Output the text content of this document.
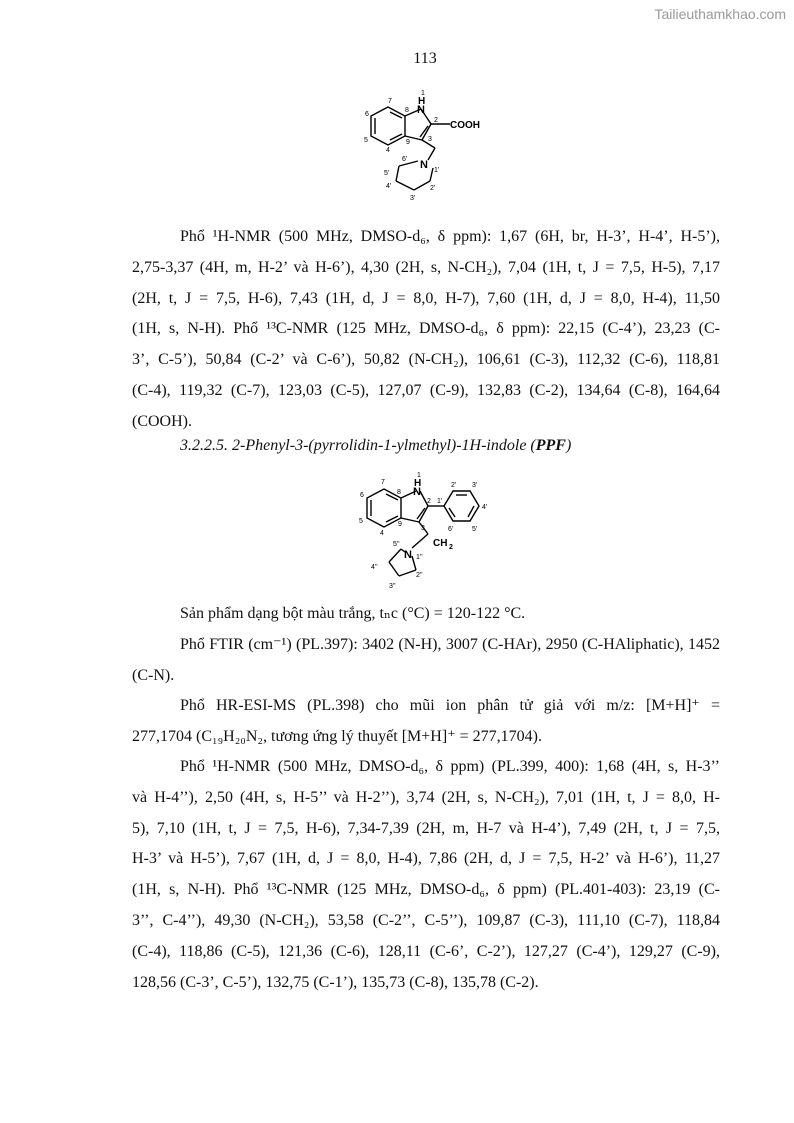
Tailieuthamkhao.com
113
N
H
COOH
N
1
2
3
4
5
6
7
8
9
1'
2'
3'
4'
5'
6'
Phổ ¹H-NMR (500 MHz, DMSO-d₆, δ ppm): 1,67 (6H, br, H-3’, H-4’, H-5’),
2,75-3,37 (4H, m, H-2’ và H-6’), 4,30 (2H, s, N-CH₂), 7,04 (1H, t, J = 7,5, H-5), 7,17
(2H, t, J = 7,5, H-6), 7,43 (1H, d, J = 8,0, H-7), 7,60 (1H, d, J = 8,0, H-4), 11,50
(1H, s, N-H). Phổ ¹³C-NMR (125 MHz, DMSO-d₆, δ ppm): 22,15 (C-4’), 23,23 (C-
3’, C-5’), 50,84 (C-2’ và C-6’), 50,82 (N-CH₂), 106,61 (C-3), 112,32 (C-6), 118,81
(C-4), 119,32 (C-7), 123,03 (C-5), 127,07 (C-9), 132,83 (C-2), 134,64 (C-8), 164,64
(COOH).
3.2.2.5. 2-Phenyl-3-(pyrrolidin-1-ylmethyl)-1H-indole (PPF)
N
H
CH 2
N
1
2
3
4
5
6
7
8
9
1'
2' 3'
4'
5'
6'
1''
2''
3''
4''
5''
Sản phẩm dạng bột màu trắng, tₙc (°C) = 120-122 °C.
Phổ FTIR (cm⁻¹) (PL.397): 3402 (N-H), 3007 (C-HAr), 2950 (C-HAliphatic), 1452
(C-N).
Phổ HR-ESI-MS (PL.398) cho mũi ion phân tử giả với m/z: [M+H]⁺ =
277,1704 (C₁₉H₂₀N₂, tương ứng lý thuyết [M+H]⁺ = 277,1704).
Phổ ¹H-NMR (500 MHz, DMSO-d₆, δ ppm) (PL.399, 400): 1,68 (4H, s, H-3’’
và H-4’’), 2,50 (4H, s, H-5’’ và H-2’’), 3,74 (2H, s, N-CH₂), 7,01 (1H, t, J = 8,0, H-
5), 7,10 (1H, t, J = 7,5, H-6), 7,34-7,39 (2H, m, H-7 và H-4’), 7,49 (2H, t, J = 7,5,
H-3’ và H-5’), 7,67 (1H, d, J = 8,0, H-4), 7,86 (2H, d, J = 7,5, H-2’ và H-6’), 11,27
(1H, s, N-H). Phổ ¹³C-NMR (125 MHz, DMSO-d₆, δ ppm) (PL.401-403): 23,19 (C-
3’’, C-4’’), 49,30 (N-CH₂), 53,58 (C-2’’, C-5’’), 109,87 (C-3), 111,10 (C-7), 118,84
(C-4), 118,86 (C-5), 121,36 (C-6), 128,11 (C-6’, C-2’), 127,27 (C-4’), 129,27 (C-9),
128,56 (C-3’, C-5’), 132,75 (C-1’), 135,73 (C-8), 135,78 (C-2).
